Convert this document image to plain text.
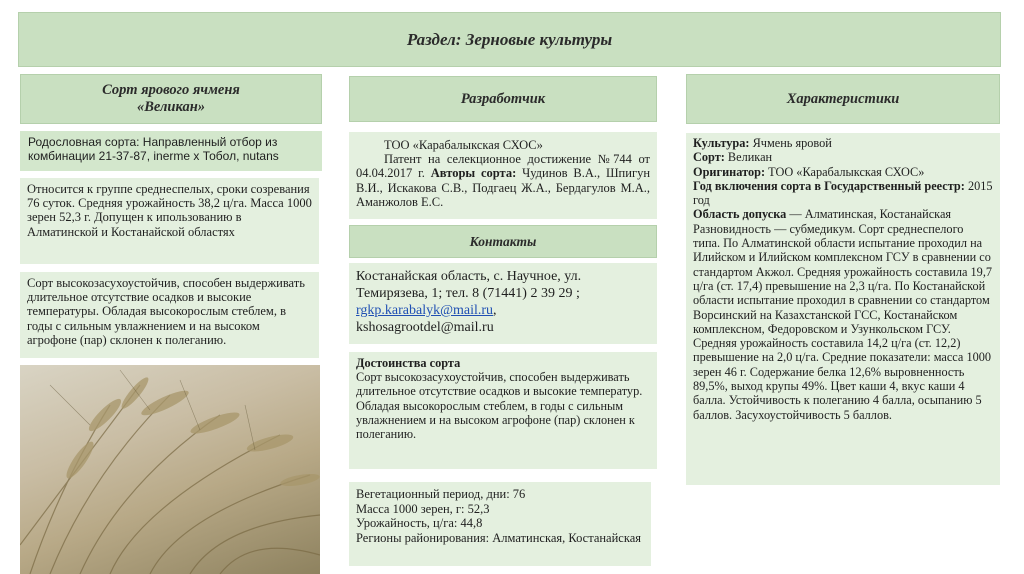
Раздел: Зерновые культуры
Сорт ярового ячменя
«Великан»
Родословная сорта: Направленный отбор из комбинации 21-37-87, inerme x Тобол, nutans
Относится к группе среднеспелых, сроки созревания 76 суток. Средняя урожайность 38,2 ц/га. Масса 1000 зерен 52,3 г. Допущен к ипользованию в Алматинской и Костанайской областях
Сорт высокозасухоустойчив, способен выдерживать длительное отсутствие осадков и высокие температуры. Обладая высокорослым стеблем, в годы с сильным увлажнением и на высоком агрофоне (пар) склонен к полеганию.
Разработчик
ТОО «Карабалыкская СХОС»
Патент на селекционное достижение №744 от 04.04.2017 г. Авторы сорта: Чудинов В.А., Шпигун В.И., Искакова С.В., Подгаец Ж.А., Бердагулов М.А., Аманжолов Е.С.
Контакты
Костанайская область, с. Научное, ул. Темирязева, 1; тел. 8 (71441) 2 39 29 ;
rgkp.karabalyk@mail.ru,
kshosagrootdel@mail.ru
Достоинства сорта
Сорт высокозасухоустойчив, способен выдерживать длительное отсутствие осадков и высокие температур.
Обладая высокорослым стеблем, в годы с сильным увлажнением и на высоком агрофоне (пар) склонен к полеганию.
Вегетационный период, дни: 76
Масса 1000 зерен, г: 52,3
Урожайность, ц/га: 44,8
Регионы районирования: Алматинская, Костанайская
Характеристики
Культура: Ячмень яровой
Сорт: Великан
Оригинатор: ТОО «Карабалыкская СХОС»
Год включения сорта в Государственный реестр: 2015 год
Область допуска — Алматинская, Костанайская Разновидность — субмедикум. Сорт среднеспелого типа. По Алматинской области испытание проходил на Илийском и Илийском комплексном ГСУ в сравнении со стандартом Акжол. Средняя урожайность составила 19,7 ц/га (ст. 17,4) превышение на 2,3 ц/га. По Костанайской области испытание проходил в сравнении со стандартом Ворсинский на Казахстанской ГСС, Костанайском комплексном, Федоровском и Узункольском ГСУ. Средняя урожайность составила 14,2 ц/га (ст. 12,2) превышение на 2,0 ц/га. Средние показатели: масса 1000 зерен 46 г. Содержание белка 12,6% выровненность 89,5%, выход крупы 49%. Цвет каши 4, вкус каши 4 балла. Устойчивость к полеганию 4 балла, осыпанию 5 баллов. Засухоустойчивость 5 баллов.
